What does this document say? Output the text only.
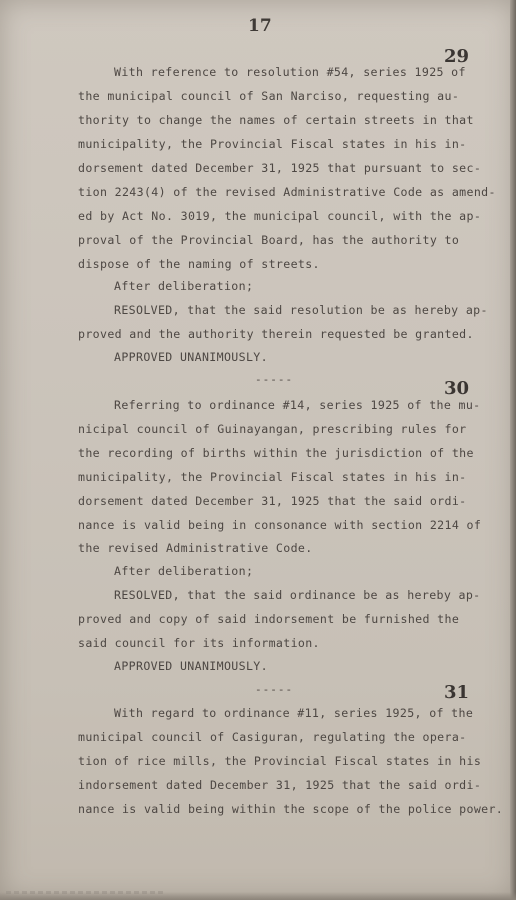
17
29
With reference to resolution #54, series 1925 of
the municipal council of San Narciso, requesting au-
thority to change the names of certain streets in that
municipality, the Provincial Fiscal states in his in-
dorsement dated December 31, 1925 that pursuant to sec-
tion 2243(4) of the revised Administrative Code as amend-
ed by Act No. 3019, the municipal council, with the ap-
proval of the Provincial Board, has the authority to
dispose of the naming of streets.
After deliberation;
RESOLVED, that the said resolution be as hereby ap-
proved and the authority therein requested be granted.
APPROVED UNANIMOUSLY.
-----	30
Referring to ordinance #14, series 1925 of the mu-
nicipal council of Guinayangan, prescribing rules for
the recording of births within the jurisdiction of the
municipality, the Provincial Fiscal states in his in-
dorsement dated December 31, 1925 that the said ordi-
nance is valid being in consonance with section 2214 of
the revised Administrative Code.
After deliberation;
RESOLVED, that the said ordinance be as hereby ap-
proved and copy of said indorsement be furnished the
said council for its information.
APPROVED UNANIMOUSLY.
-----	31
With regard to ordinance #11, series 1925, of the
municipal council of Casiguran, regulating the opera-
tion of rice mills, the Provincial Fiscal states in his
indorsement dated December 31, 1925 that the said ordi-
nance is valid being within the scope of the police power.
